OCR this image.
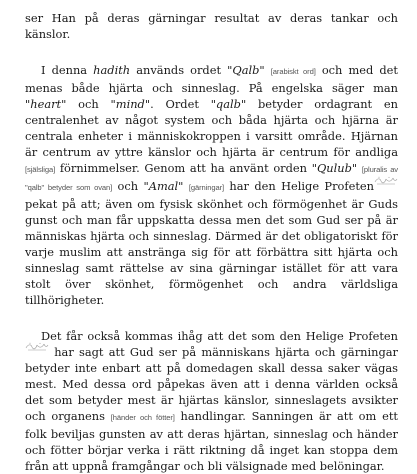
ser Han på deras gärningar resultat av deras tankar och känslor.

I denna hadith används ordet "Qalb" [arabiskt ord] och med det menas både hjärta och sinneslag. På engelska säger man "heart" och "mind". Ordet "qalb" betyder ordagrant en centralenhet av något system och båda hjärta och hjärna är centrala enheter i människokroppen i varsitt område. Hjärnan är centrum av yttre känslor och hjärta är centrum för andliga [själsliga] förnimmelser. Genom att ha använt orden "Qulub" [pluralis av "qalb" betyder som ovan] och "Amal" [gärningar] har den Helige Profeten
pekat på att; även om fysisk skönhet och förmögenhet är Guds gunst och man får uppskatta dessa men det som Gud ser på är människas hjärta och sinneslag. Därmed är det obligatoriskt för varje muslim att anstränga sig för att förbättra sitt hjärta och sinneslag samt rättelse av sina gärningar istället för att vara stolt över skönhet, förmögenhet och andra världsliga tillhörigheter.

Det får också kommas ihåg att det som den Helige Profeten
har sagt att Gud ser på människans hjärta och gärningar betyder inte enbart att på domedagen skall dessa saker vägas mest. Med dessa ord påpekas även att i denna världen också det som betyder mest är hjärtas känslor, sinneslagets avsikter och organens [händer och fötter] handlingar. Sanningen är att om ett folk beviljas gunsten av att deras hjärtan, sinneslag och händer och fötter börjar verka i rätt riktning då inget kan stoppa dem från att uppnå framgångar och bli välsignade med belöningar.
